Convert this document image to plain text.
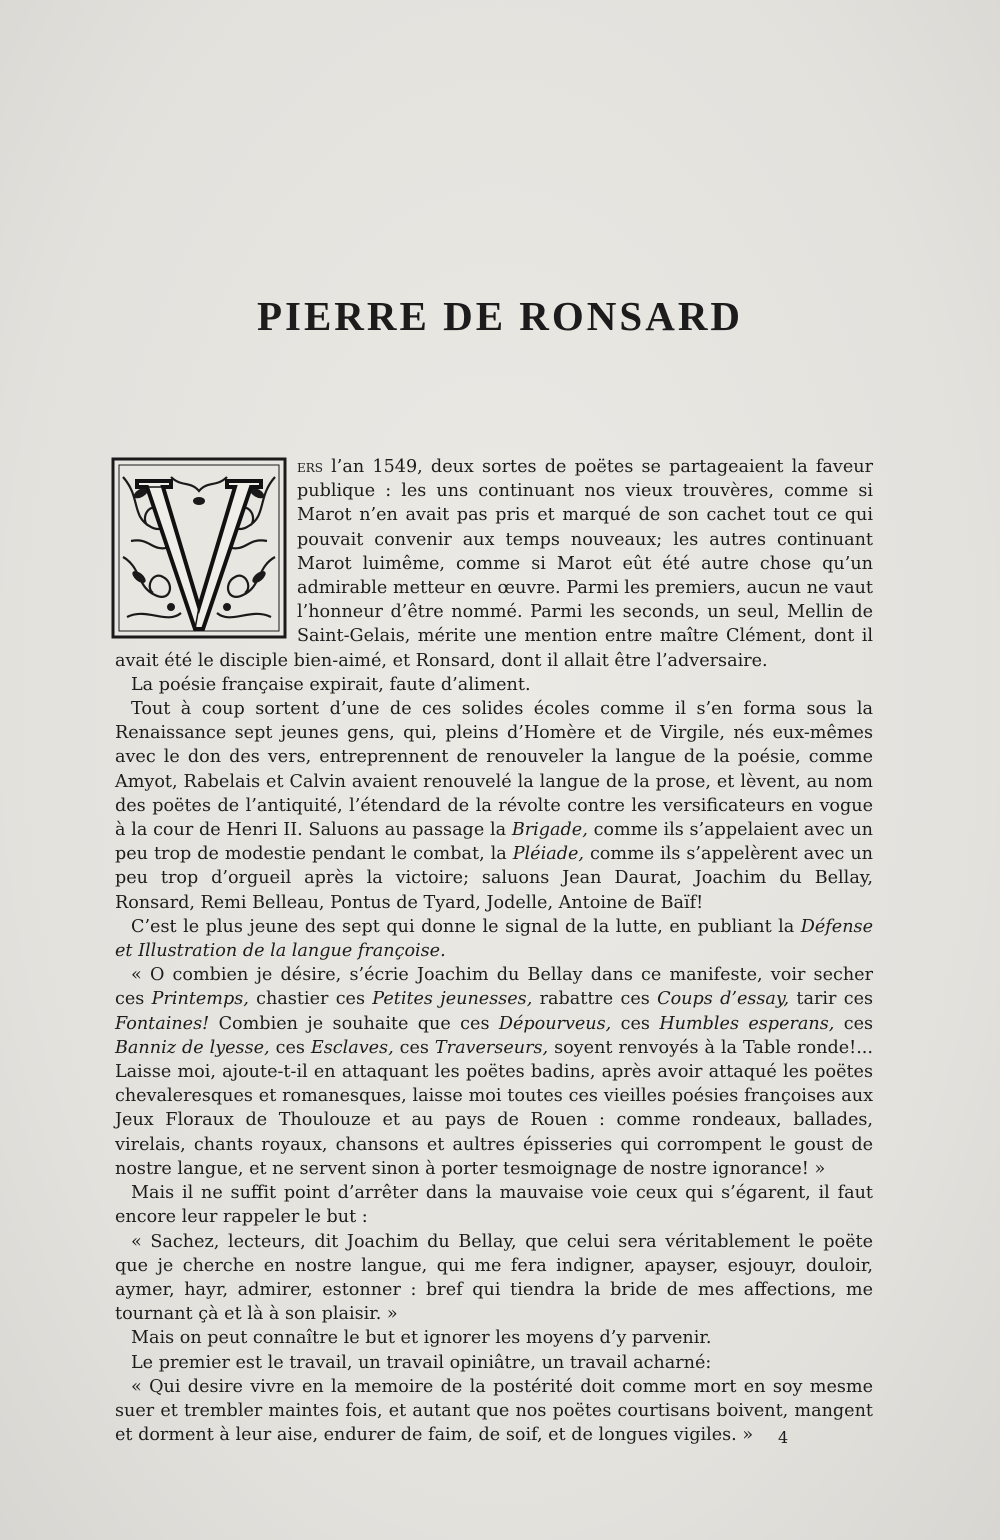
PIERRE DE RONSARD

ers l’an 1549, deux sortes de poëtes se partageaient la faveur publique : les uns continuant nos vieux trouvères, comme si Marot n’en avait pas pris et marqué de son cachet tout ce qui pouvait convenir aux temps nouveaux; les autres continuant Marot luimême, comme si Marot eût été autre chose qu’un admirable metteur en œuvre. Parmi les premiers, aucun ne vaut l’honneur d’être nommé. Parmi les seconds, un seul, Mellin de Saint-Gelais, mérite une mention entre maître Clément, dont il avait été le disciple bien-aimé, et Ronsard, dont il allait être l’adversaire.

La poésie française expirait, faute d’aliment.

Tout à coup sortent d’une de ces solides écoles comme il s’en forma sous la Renaissance sept jeunes gens, qui, pleins d’Homère et de Virgile, nés eux-mêmes avec le don des vers, entreprennent de renouveler la langue de la poésie, comme Amyot, Rabelais et Calvin avaient renouvelé la langue de la prose, et lèvent, au nom des poëtes de l’antiquité, l’étendard de la révolte contre les versificateurs en vogue à la cour de Henri II. Saluons au passage la Brigade, comme ils s’appelaient avec un peu trop de modestie pendant le combat, la Pléiade, comme ils s’appelèrent avec un peu trop d’orgueil après la victoire; saluons Jean Daurat, Joachim du Bellay, Ronsard, Remi Belleau, Pontus de Tyard, Jodelle, Antoine de Baïf!

C’est le plus jeune des sept qui donne le signal de la lutte, en publiant la Défense et Illustration de la langue françoise.

« O combien je désire, s’écrie Joachim du Bellay dans ce manifeste, voir secher ces Printemps, chastier ces Petites jeunesses, rabattre ces Coups d’essay, tarir ces Fontaines! Combien je souhaite que ces Dépourveus, ces Humbles esperans, ces Banniz de lyesse, ces Esclaves, ces Traverseurs, soyent renvoyés à la Table ronde!... Laisse moi, ajoute-t-il en attaquant les poëtes badins, après avoir attaqué les poëtes chevaleresques et romanesques, laisse moi toutes ces vieilles poésies françoises aux Jeux Floraux de Thoulouze et au pays de Rouen : comme rondeaux, ballades, virelais, chants royaux, chansons et aultres épisseries qui corrompent le goust de nostre langue, et ne servent sinon à porter tesmoignage de nostre ignorance! »

Mais il ne suffit point d’arrêter dans la mauvaise voie ceux qui s’égarent, il faut encore leur rappeler le but :

« Sachez, lecteurs, dit Joachim du Bellay, que celui sera véritablement le poëte que je cherche en nostre langue, qui me fera indigner, apayser, esjouyr, douloir, aymer, hayr, admirer, estonner : bref qui tiendra la bride de mes affections, me tournant çà et là à son plaisir. »

Mais on peut connaître le but et ignorer les moyens d’y parvenir.

Le premier est le travail, un travail opiniâtre, un travail acharné:

« Qui desire vivre en la memoire de la postérité doit comme mort en soy mesme suer et trembler maintes fois, et autant que nos poëtes courtisans boivent, mangent et dorment à leur aise, endurer de faim, de soif, et de longues vigiles. »	4
